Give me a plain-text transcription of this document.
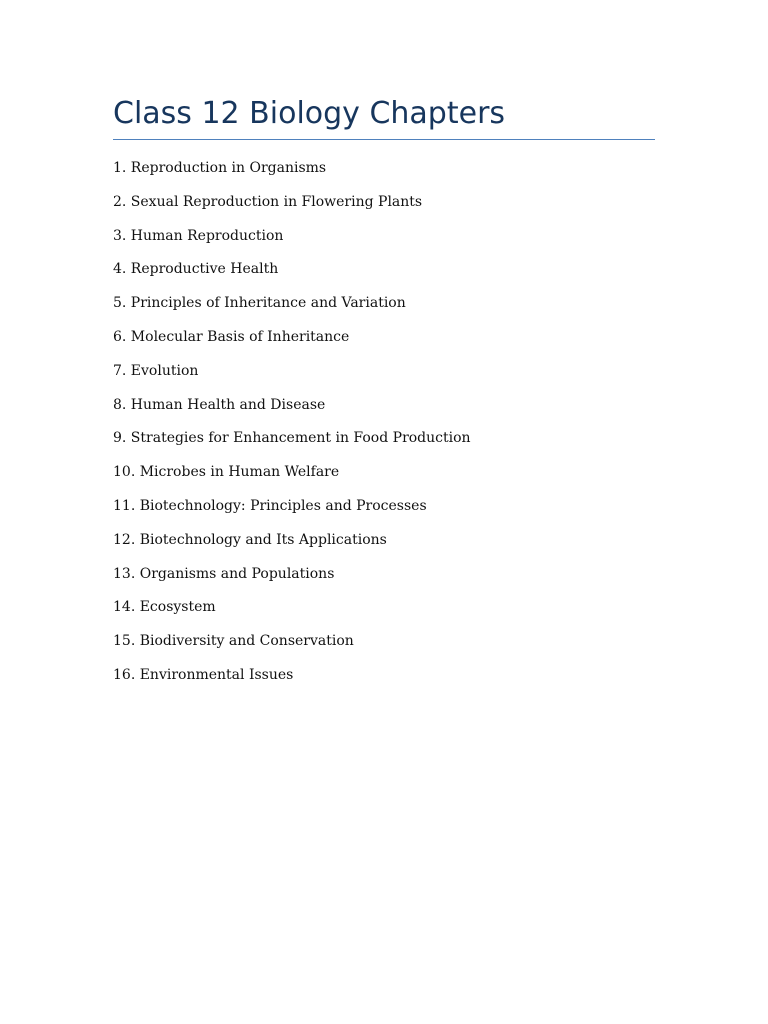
Class 12 Biology Chapters
1. Reproduction in Organisms
2. Sexual Reproduction in Flowering Plants
3. Human Reproduction
4. Reproductive Health
5. Principles of Inheritance and Variation
6. Molecular Basis of Inheritance
7. Evolution
8. Human Health and Disease
9. Strategies for Enhancement in Food Production
10. Microbes in Human Welfare
11. Biotechnology: Principles and Processes
12. Biotechnology and Its Applications
13. Organisms and Populations
14. Ecosystem
15. Biodiversity and Conservation
16. Environmental Issues
